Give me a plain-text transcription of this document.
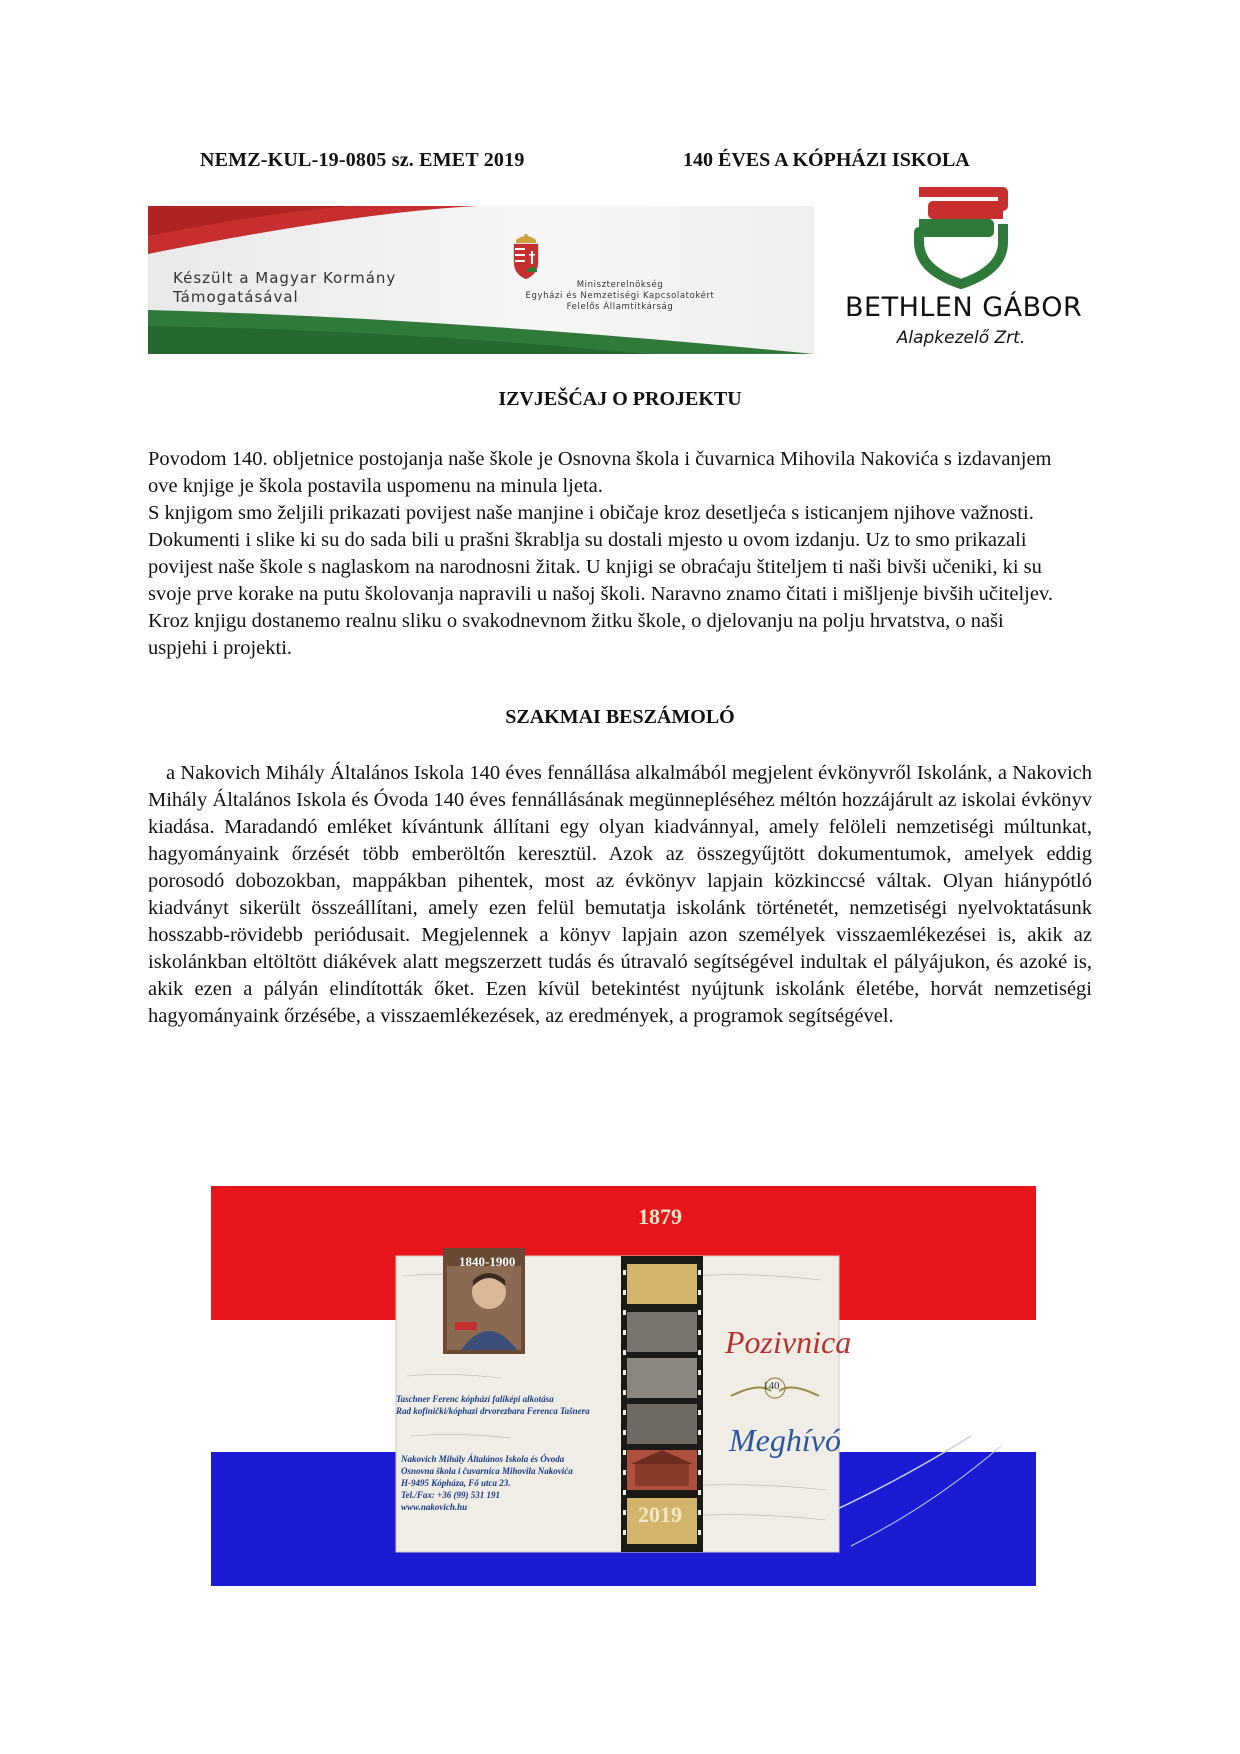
NEMZ-KUL-19-0805 sz. EMET 2019	140 ÉVES A KÓPHÁZI ISKOLA
Készült a Magyar Kormány
Támogatásával
Miniszterelnökség
Egyházi és Nemzetiségi Kapcsolatokért
Felelős Államtitkárság	BETHLEN GÁBOR
Alapkezelő Zrt.
IZVJEŠĆAJ O PROJEKTU
Povodom 140. obljetnice postojanja naše škole je Osnovna škola i čuvarnica Mihovila Nakovića s izdavanjem ove knjige je škola postavila uspomenu na minula ljeta.
S knjigom smo željili prikazati povijest naše manjine i običaje kroz desetljeća s isticanjem njihove važnosti. Dokumenti i slike ki su do sada bili u prašni škrablja su dostali mjesto u ovom izdanju. Uz to smo prikazali povijest naše škole s naglaskom na narodnosni žitak. U knjigi se obraćaju štiteljem ti naši bivši učeniki, ki su svoje prve korake na putu školovanja napravili u našoj školi. Naravno znamo čitati i mišljenje bivših učiteljev. Kroz knjigu dostanemo realnu sliku o svakodnevnom žitku škole, o djelovanju na polju hrvatstva, o naši uspjehi i projekti.
SZAKMAI BESZÁMOLÓ
a Nakovich Mihály Általános Iskola 140 éves fennállása alkalmából megjelent évkönyvről Iskolánk, a Nakovich Mihály Általános Iskola és Óvoda 140 éves fennállásának megünnepléséhez méltón hozzájárult az iskolai évkönyv kiadása. Maradandó emléket kívántunk állítani egy olyan kiadvánnyal, amely felöleli nemzetiségi múltunkat, hagyományaink őrzését több emberöltőn keresztül. Azok az összegyűjtött dokumentumok, amelyek eddig porosodó dobozokban, mappákban pihentek, most az évkönyv lapjain közkinccsé váltak. Olyan hiánypótló kiadványt sikerült összeállítani, amely ezen felül bemutatja iskolánk történetét, nemzetiségi nyelvoktatásunk hosszabb-rövidebb periódusait. Megjelennek a könyv lapjain azon személyek visszaemlékezései is, akik az iskolánkban eltöltött diákévek alatt megszerzett tudás és útravaló segítségével indultak el pályájukon, és azoké is, akik ezen a pályán elindították őket. Ezen kívül betekintést nyújtunk iskolánk életébe, horvát nemzetiségi hagyományaink őrzésébe, a visszaemlékezések, az eredmények, a programok segítségével.
1879
2019
1840-1900
Pozivnica
140
Meghívó
Taschner Ferenc kóphází faliképi alkotása
Rad kofinički/kóphazi drvorezbara Ferenca Tašnera
Nakovich Mihály Általános Iskola és Óvoda
Osnovna škola i čuvarnica Mihovila Nakovića
H-9495 Kópháza, Fő utca 23.
Tel./Fax: +36 (99) 531 191
www.nakovich.hu
